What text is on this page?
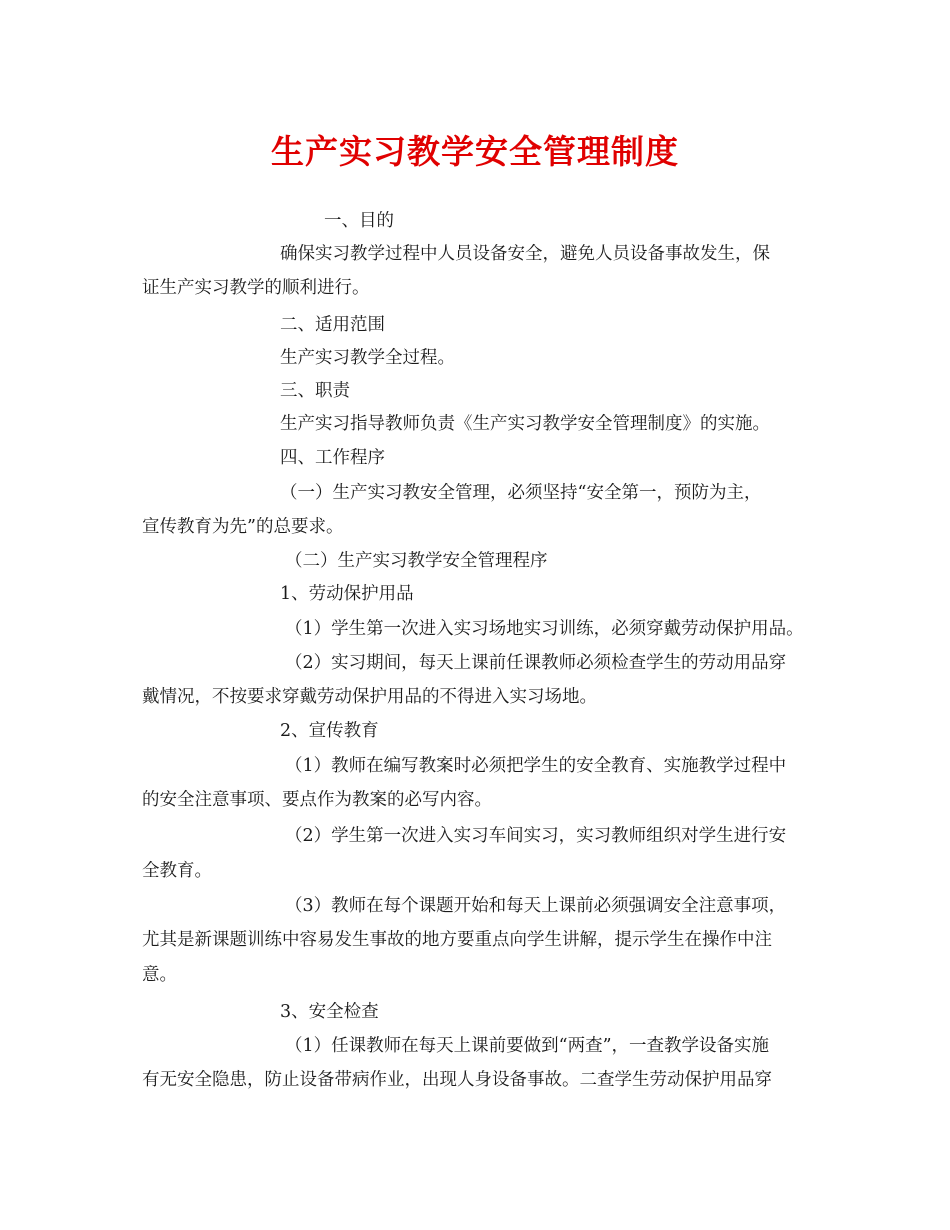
生产实习教学安全管理制度
一、目的
确保实习教学过程中人员设备安全，避免人员设备事故发生，保
证生产实习教学的顺利进行。
二、适用范围
生产实习教学全过程。
三、职责
生产实习指导教师负责《生产实习教学安全管理制度》的实施。
四、工作程序
（一）生产实习教安全管理，必须坚持“安全第一，预防为主，
宣传教育为先”的总要求。
（二）生产实习教学安全管理程序
1、劳动保护用品
（1）学生第一次进入实习场地实习训练，必须穿戴劳动保护用品。
（2）实习期间，每天上课前任课教师必须检查学生的劳动用品穿
戴情况，不按要求穿戴劳动保护用品的不得进入实习场地。
2、宣传教育
（1）教师在编写教案时必须把学生的安全教育、实施教学过程中
的安全注意事项、要点作为教案的必写内容。
（2）学生第一次进入实习车间实习，实习教师组织对学生进行安
全教育。
（3）教师在每个课题开始和每天上课前必须强调安全注意事项，
尤其是新课题训练中容易发生事故的地方要重点向学生讲解，提示学生在操作中注
意。
3、安全检查
（1）任课教师在每天上课前要做到“两查”，一查教学设备实施
有无安全隐患，防止设备带病作业，出现人身设备事故。二查学生劳动保护用品穿
